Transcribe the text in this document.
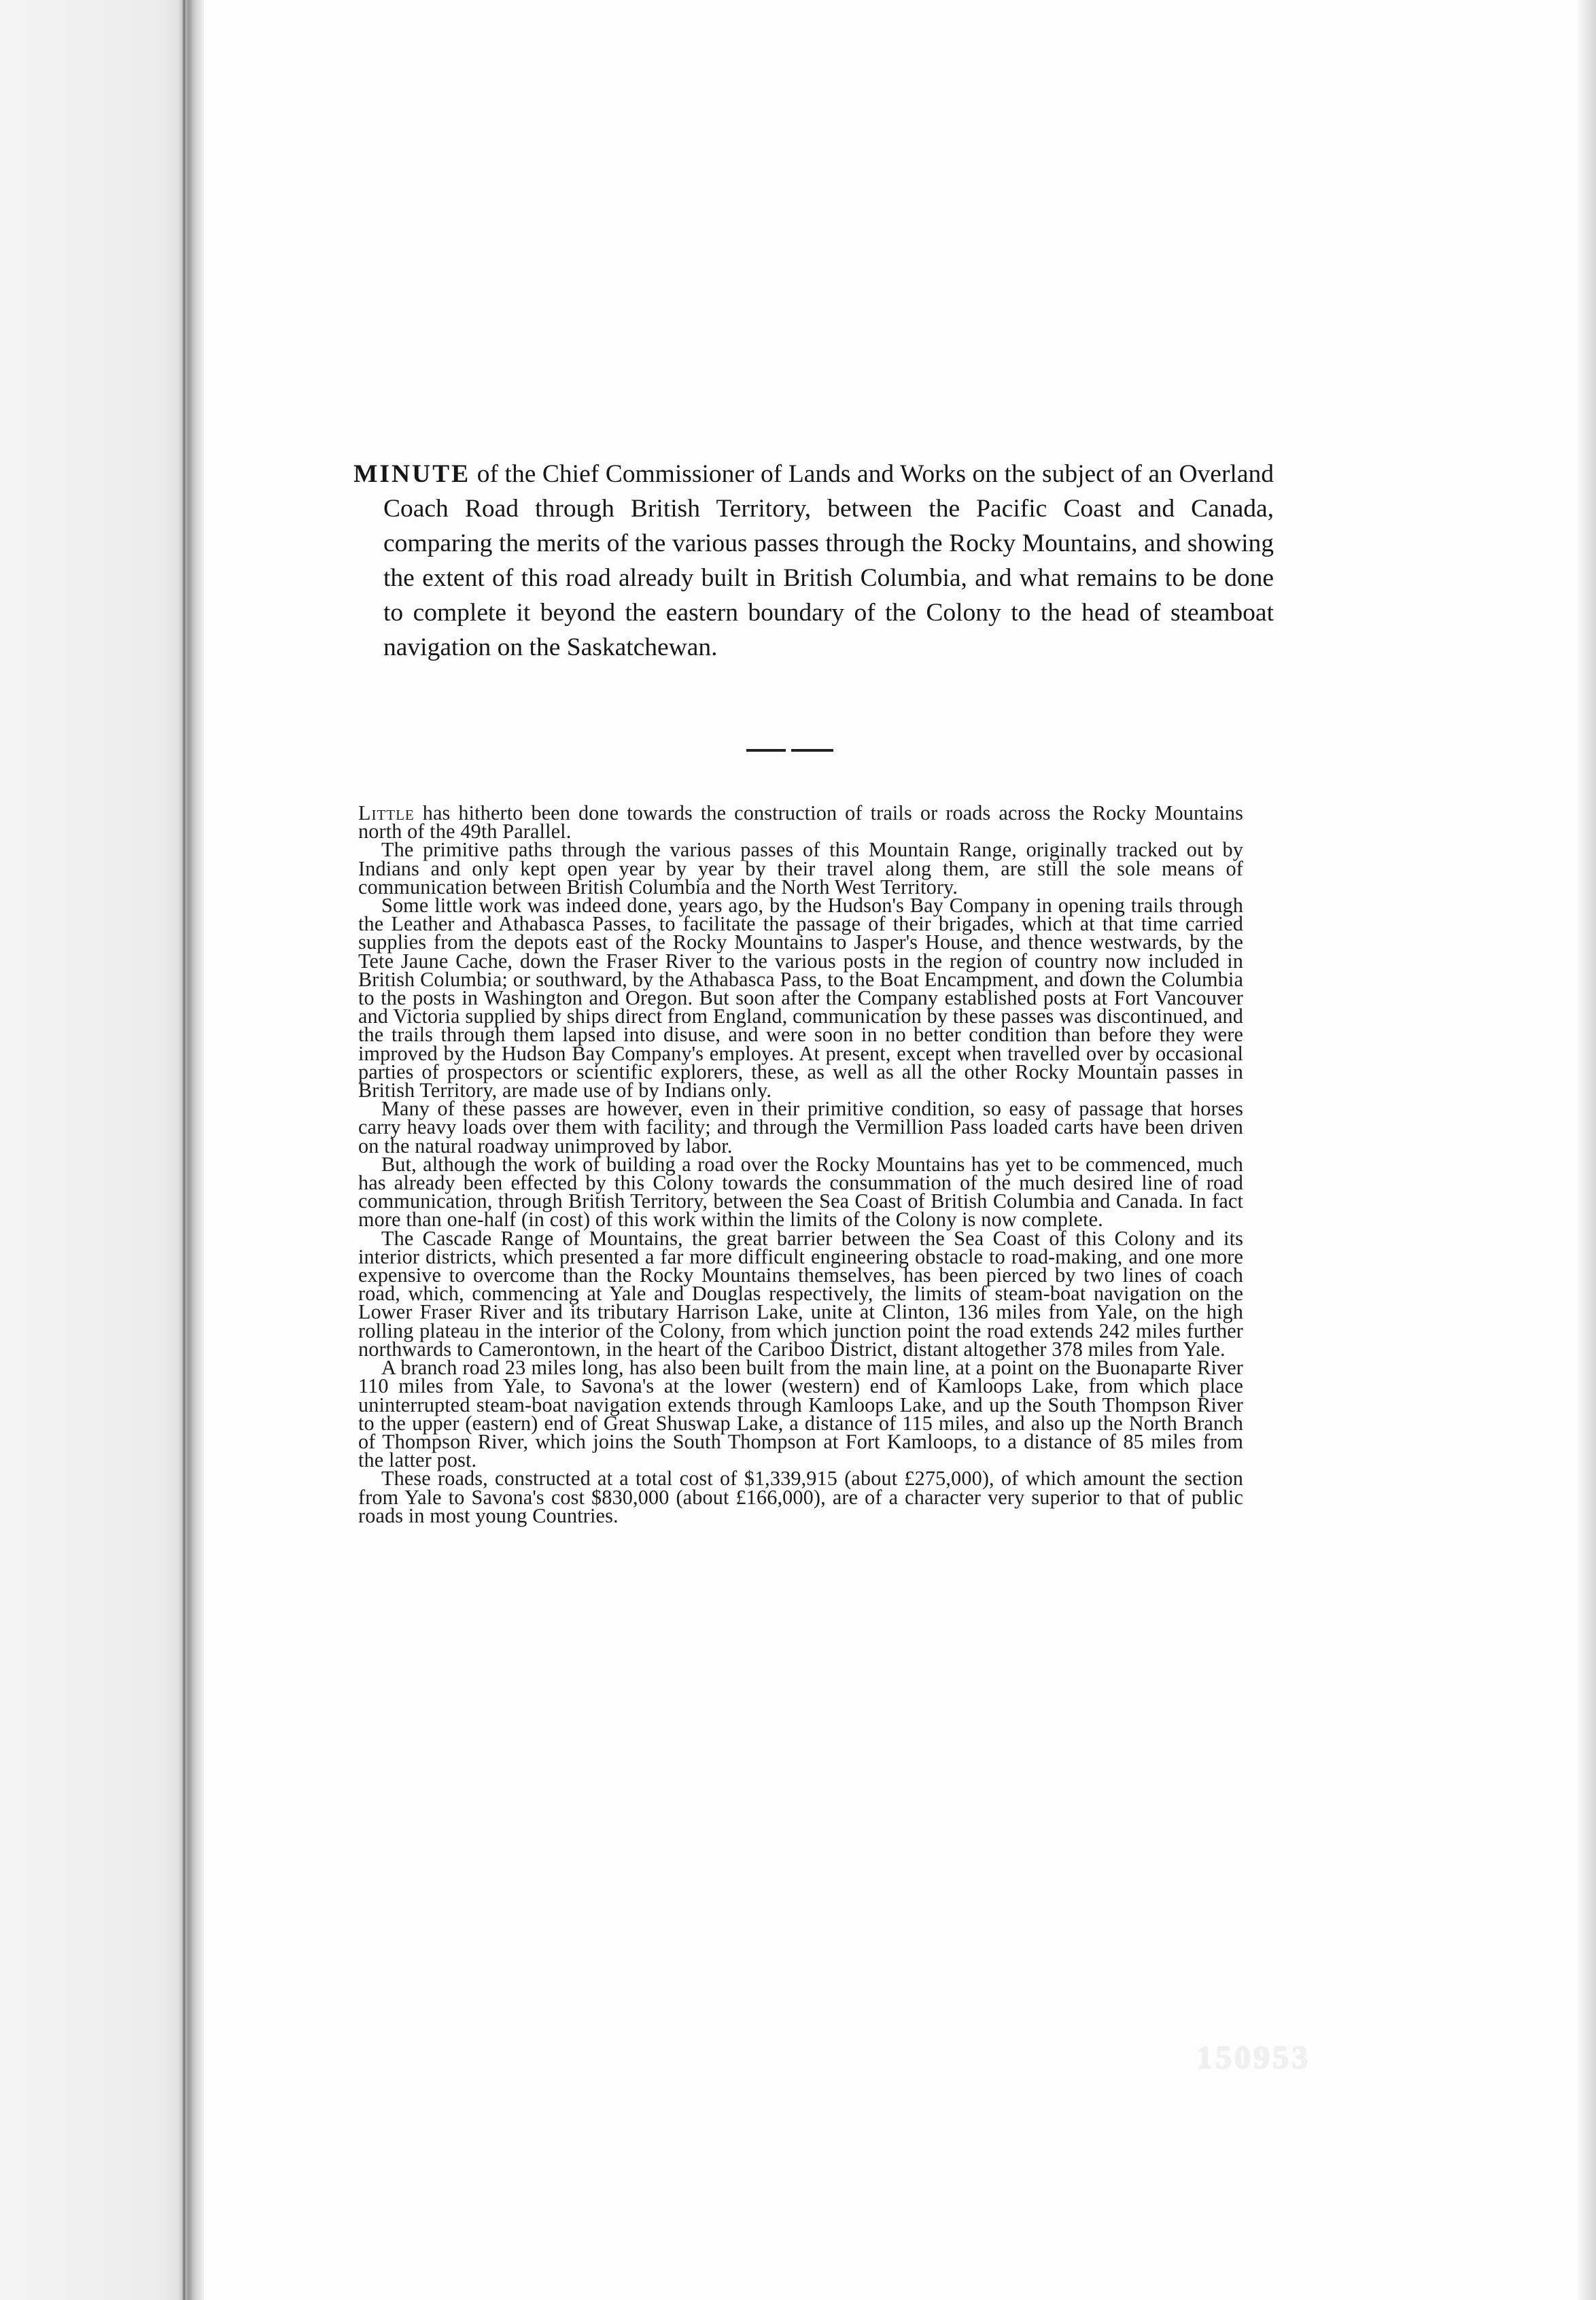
MINUTE of the Chief Commissioner of Lands and Works on the subject of an Overland Coach Road through British Territory, between the Pacific Coast and Canada, comparing the merits of the various passes through the Rocky Mountains, and showing the extent of this road already built in British Columbia, and what remains to be done to complete it beyond the eastern boundary of the Colony to the head of steamboat navigation on the Saskatchewan.

Little has hitherto been done towards the construction of trails or roads across the Rocky Mountains north of the 49th Parallel.

The primitive paths through the various passes of this Mountain Range, originally tracked out by Indians and only kept open year by year by their travel along them, are still the sole means of communication between British Columbia and the North West Territory.

Some little work was indeed done, years ago, by the Hudson's Bay Company in opening trails through the Leather and Athabasca Passes, to facilitate the passage of their brigades, which at that time carried supplies from the depots east of the Rocky Mountains to Jasper's House, and thence westwards, by the Tete Jaune Cache, down the Fraser River to the various posts in the region of country now included in British Columbia; or southward, by the Athabasca Pass, to the Boat Encampment, and down the Columbia to the posts in Washington and Oregon. But soon after the Company established posts at Fort Vancouver and Victoria supplied by ships direct from England, communication by these passes was discontinued, and the trails through them lapsed into disuse, and were soon in no better condition than before they were improved by the Hudson Bay Company's employes. At present, except when travelled over by occasional parties of prospectors or scientific explorers, these, as well as all the other Rocky Mountain passes in British Territory, are made use of by Indians only.

Many of these passes are however, even in their primitive condition, so easy of passage that horses carry heavy loads over them with facility; and through the Vermillion Pass loaded carts have been driven on the natural roadway unimproved by labor.

But, although the work of building a road over the Rocky Mountains has yet to be commenced, much has already been effected by this Colony towards the consummation of the much desired line of road communication, through British Territory, between the Sea Coast of British Columbia and Canada. In fact more than one-half (in cost) of this work within the limits of the Colony is now complete.

The Cascade Range of Mountains, the great barrier between the Sea Coast of this Colony and its interior districts, which presented a far more difficult engineering obstacle to road-making, and one more expensive to overcome than the Rocky Mountains themselves, has been pierced by two lines of coach road, which, commencing at Yale and Douglas respectively, the limits of steam-boat navigation on the Lower Fraser River and its tributary Harrison Lake, unite at Clinton, 136 miles from Yale, on the high rolling plateau in the interior of the Colony, from which junction point the road extends 242 miles further northwards to Camerontown, in the heart of the Cariboo District, distant altogether 378 miles from Yale.

A branch road 23 miles long, has also been built from the main line, at a point on the Buonaparte River 110 miles from Yale, to Savona's at the lower (western) end of Kamloops Lake, from which place uninterrupted steam-boat navigation extends through Kamloops Lake, and up the South Thompson River to the upper (eastern) end of Great Shuswap Lake, a distance of 115 miles, and also up the North Branch of Thompson River, which joins the South Thompson at Fort Kamloops, to a distance of 85 miles from the latter post.

These roads, constructed at a total cost of $1,339,915 (about £275,000), of which amount the section from Yale to Savona's cost $830,000 (about £166,000), are of a character very superior to that of public roads in most young Countries.

150953
